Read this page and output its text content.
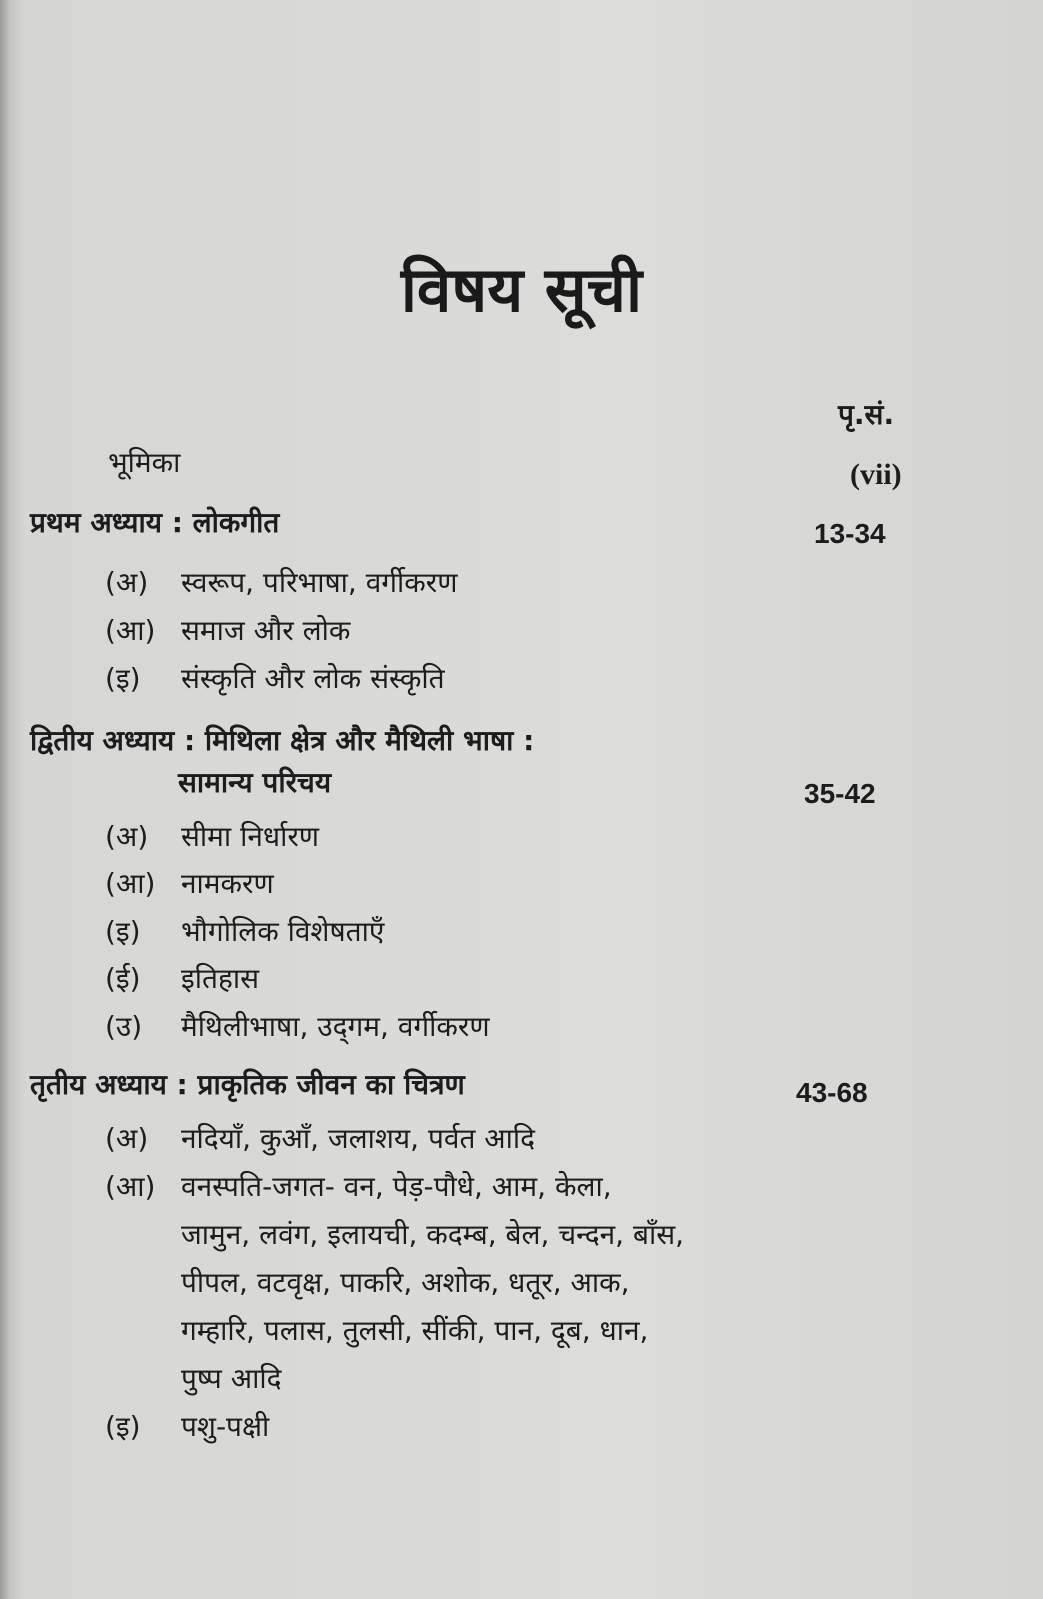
विषय सूची
पृ.सं.
भूमिका	(vii)
प्रथम अध्याय : लोकगीत	13-34
(अ) स्वरूप, परिभाषा, वर्गीकरण
(आ) समाज और लोक
(इ) संस्कृति और लोक संस्कृति
द्वितीय अध्याय : मिथिला क्षेत्र और मैथिली भाषा :
सामान्य परिचय	35-42
(अ) सीमा निर्धारण
(आ) नामकरण
(इ) भौगोलिक विशेषताएँ
(ई) इतिहास
(उ) मैथिलीभाषा, उद्‌गम, वर्गीकरण
तृतीय अध्याय : प्राकृतिक जीवन का चित्रण	43-68
(अ) नदियाँ, कुआँ, जलाशय, पर्वत आदि
(आ) वनस्पति-जगत- वन, पेड़-पौधे, आम, केला,
जामुन, लवंग, इलायची, कदम्ब, बेल, चन्दन, बाँस,
पीपल, वटवृक्ष, पाकरि, अशोक, धतूर, आक,
गम्हारि, पलास, तुलसी, सींकी, पान, दूब, धान,
पुष्प आदि
(इ) पशु-पक्षी
